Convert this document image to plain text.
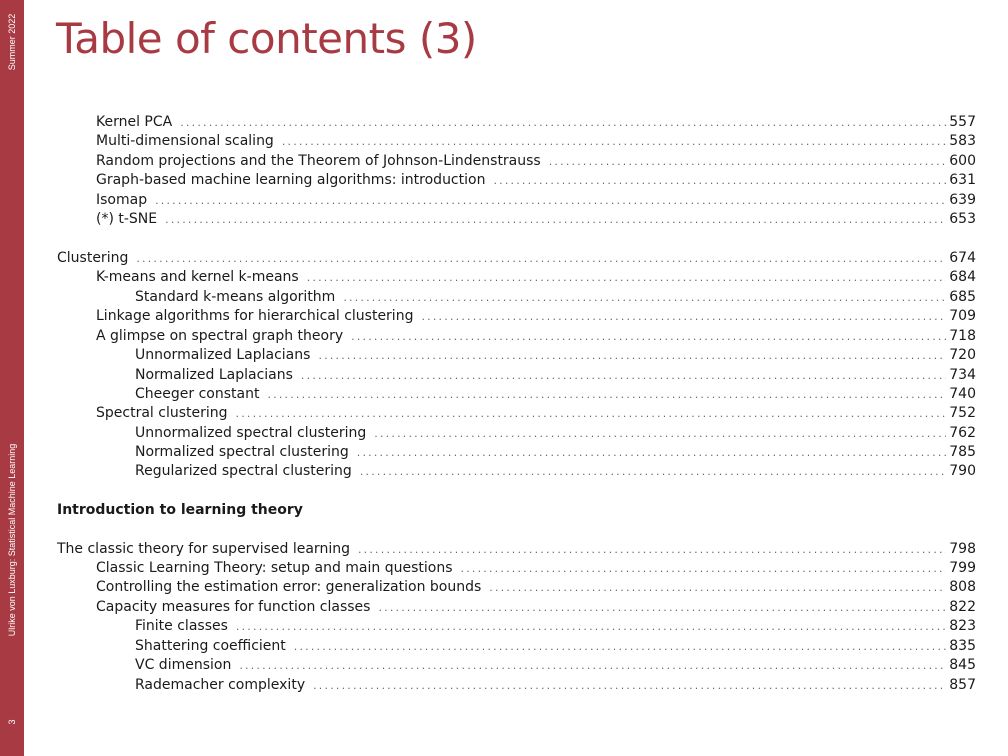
Summer 2022
Ulrike von Luxburg: Statistical Machine Learning
3
Table of contents (3)
Kernel PCA .....	557
Multi-dimensional scaling .....	583
Random projections and the Theorem of Johnson-Lindenstrauss .....	600
Graph-based machine learning algorithms: introduction .....	631
Isomap .....	639
(*) t-SNE .....	653
Clustering .....	674
K-means and kernel k-means .....	684
Standard k-means algorithm .....	685
Linkage algorithms for hierarchical clustering .....	709
A glimpse on spectral graph theory .....	718
Unnormalized Laplacians .....	720
Normalized Laplacians .....	734
Cheeger constant .....	740
Spectral clustering .....	752
Unnormalized spectral clustering .....	762
Normalized spectral clustering .....	785
Regularized spectral clustering .....	790
Introduction to learning theory
The classic theory for supervised learning .....	798
Classic Learning Theory: setup and main questions .....	799
Controlling the estimation error: generalization bounds .....	808
Capacity measures for function classes .....	822
Finite classes .....	823
Shattering coefficient .....	835
VC dimension .....	845
Rademacher complexity .....	857
